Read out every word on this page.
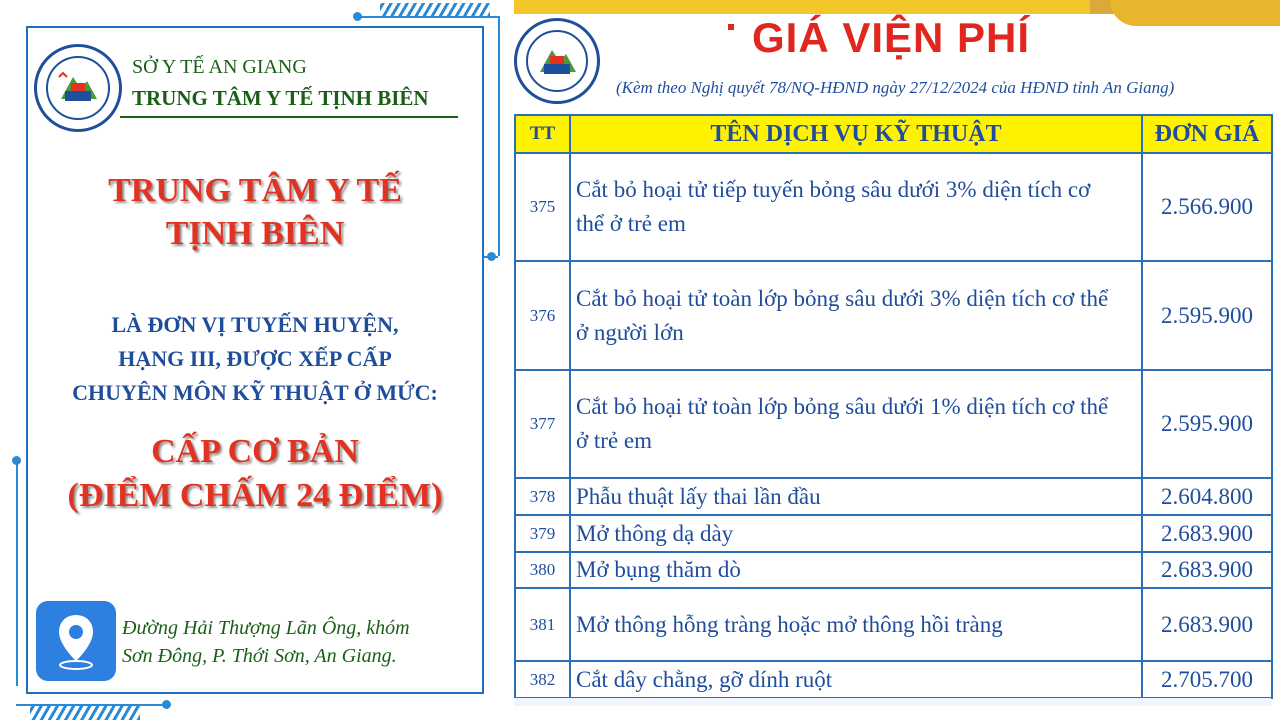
SỞ Y TẾ AN GIANG
TRUNG TÂM Y TẾ TỊNH BIÊN
TRUNG TÂM Y TẾ
TỊNH BIÊN
LÀ ĐƠN VỊ TUYẾN HUYỆN,
HẠNG III, ĐƯỢC XẾP CẤP
CHUYÊN MÔN KỸ THUẬT Ở MỨC:
CẤP CƠ BẢN
(ĐIỂM CHẤM 24 ĐIỂM)
Đường Hải Thượng Lãn Ông, khóm
Sơn Đông, P. Thới Sơn, An Giang.
GIÁ VIỆN PHÍ
(Kèm theo Nghị quyết 78/NQ-HĐND ngày 27/12/2024 của HĐND tỉnh An Giang)
TT	TÊN DỊCH VỤ KỸ THUẬT	ĐƠN GIÁ
375	Cắt bỏ hoại tử tiếp tuyến bỏng sâu dưới 3% diện tích cơ
thể ở trẻ em	2.566.900
376	Cắt bỏ hoại tử toàn lớp bỏng sâu dưới 3% diện tích cơ thể
ở người lớn	2.595.900
377	Cắt bỏ hoại tử toàn lớp bỏng sâu dưới 1% diện tích cơ thể
ở trẻ em	2.595.900
378	Phẫu thuật lấy thai lần đầu	2.604.800
379	Mở thông dạ dày	2.683.900
380	Mở bụng thăm dò	2.683.900
381	Mở thông hỗng tràng hoặc mở thông hồi tràng	2.683.900
382	Cắt dây chằng, gỡ dính ruột	2.705.700
